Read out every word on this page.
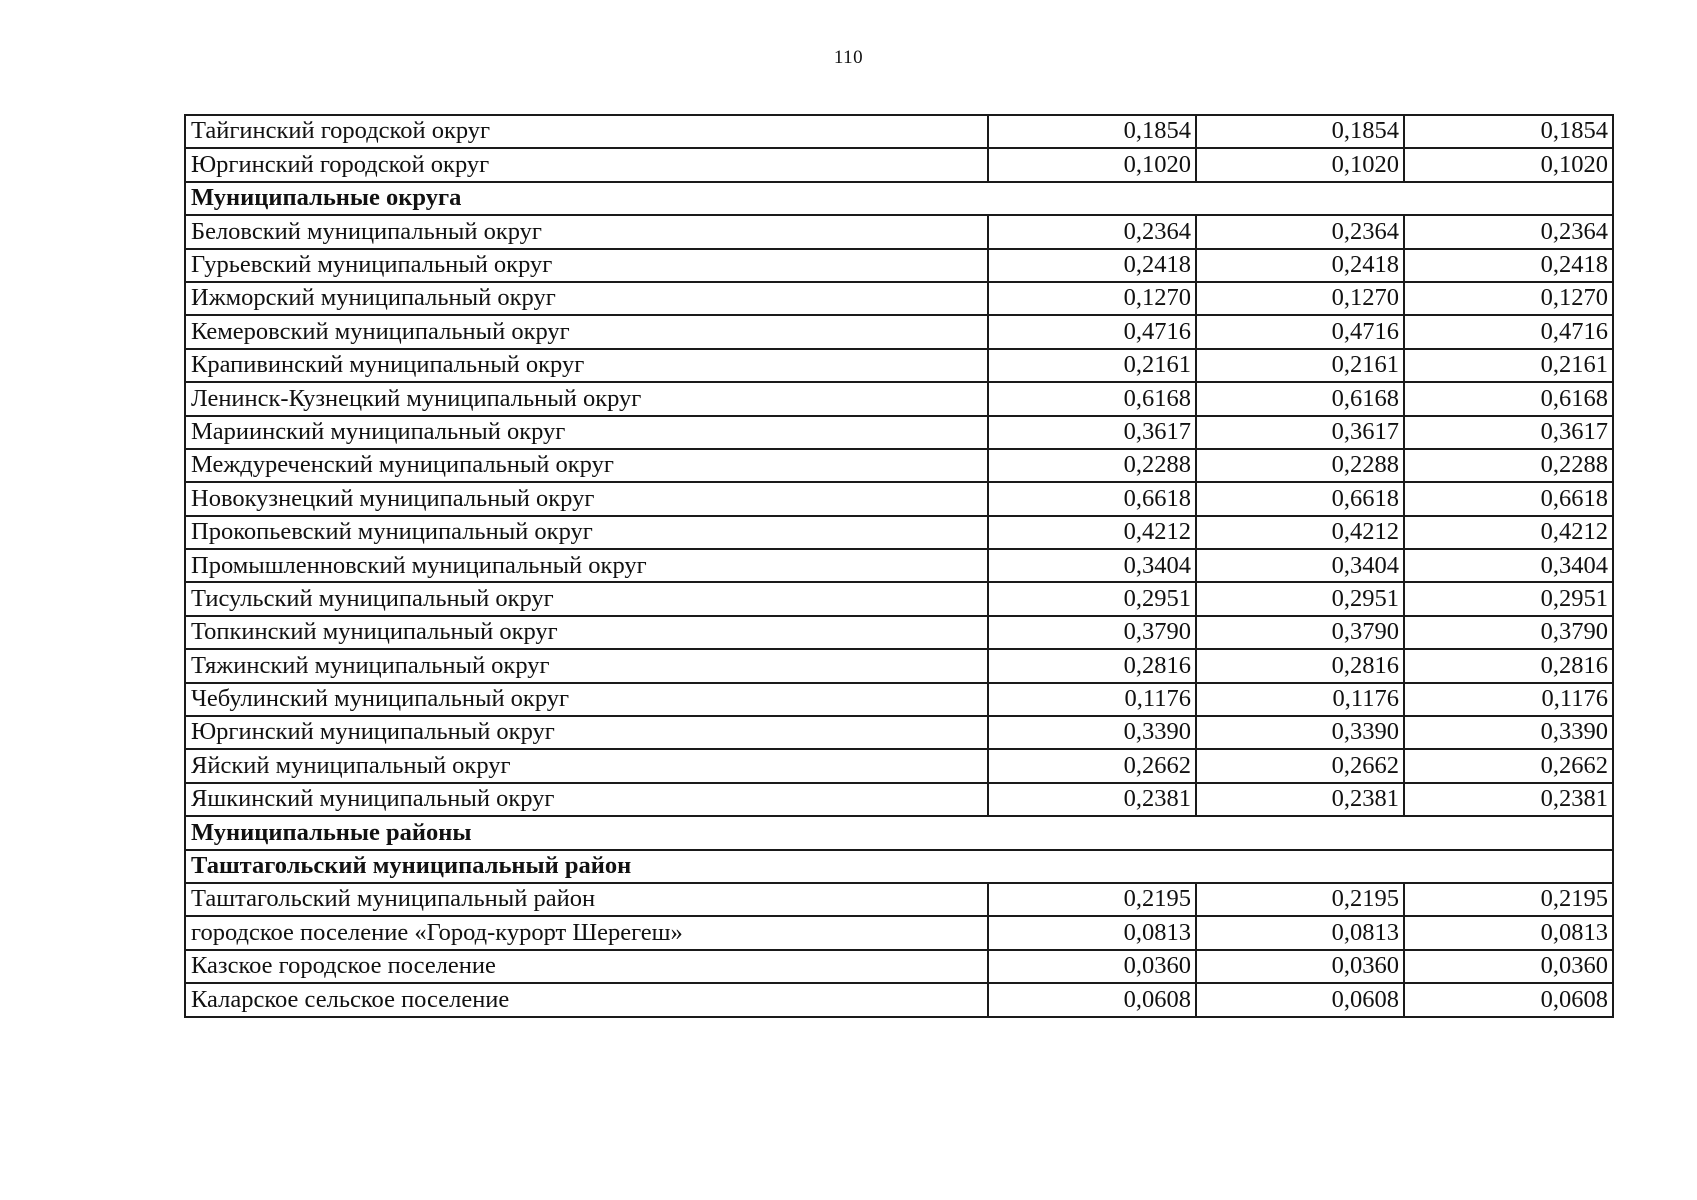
110
Тайгинский городской округ	0,1854	0,1854	0,1854
Юргинский городской округ	0,1020	0,1020	0,1020
Муниципальные округа			
Беловский муниципальный округ	0,2364	0,2364	0,2364
Гурьевский муниципальный округ	0,2418	0,2418	0,2418
Ижморский муниципальный округ	0,1270	0,1270	0,1270
Кемеровский муниципальный округ	0,4716	0,4716	0,4716
Крапивинский муниципальный округ	0,2161	0,2161	0,2161
Ленинск-Кузнецкий муниципальный округ	0,6168	0,6168	0,6168
Мариинский муниципальный округ	0,3617	0,3617	0,3617
Междуреченский муниципальный округ	0,2288	0,2288	0,2288
Новокузнецкий муниципальный округ	0,6618	0,6618	0,6618
Прокопьевский муниципальный округ	0,4212	0,4212	0,4212
Промышленновский муниципальный округ	0,3404	0,3404	0,3404
Тисульский муниципальный округ	0,2951	0,2951	0,2951
Топкинский муниципальный округ	0,3790	0,3790	0,3790
Тяжинский муниципальный округ	0,2816	0,2816	0,2816
Чебулинский муниципальный округ	0,1176	0,1176	0,1176
Юргинский муниципальный округ	0,3390	0,3390	0,3390
Яйский муниципальный округ	0,2662	0,2662	0,2662
Яшкинский муниципальный округ	0,2381	0,2381	0,2381
Муниципальные районы			
Таштагольский муниципальный район			
Таштагольский муниципальный район	0,2195	0,2195	0,2195
городское поселение «Город-курорт Шерегеш»	0,0813	0,0813	0,0813
Казское городское поселение	0,0360	0,0360	0,0360
Каларское сельское поселение	0,0608	0,0608	0,0608
